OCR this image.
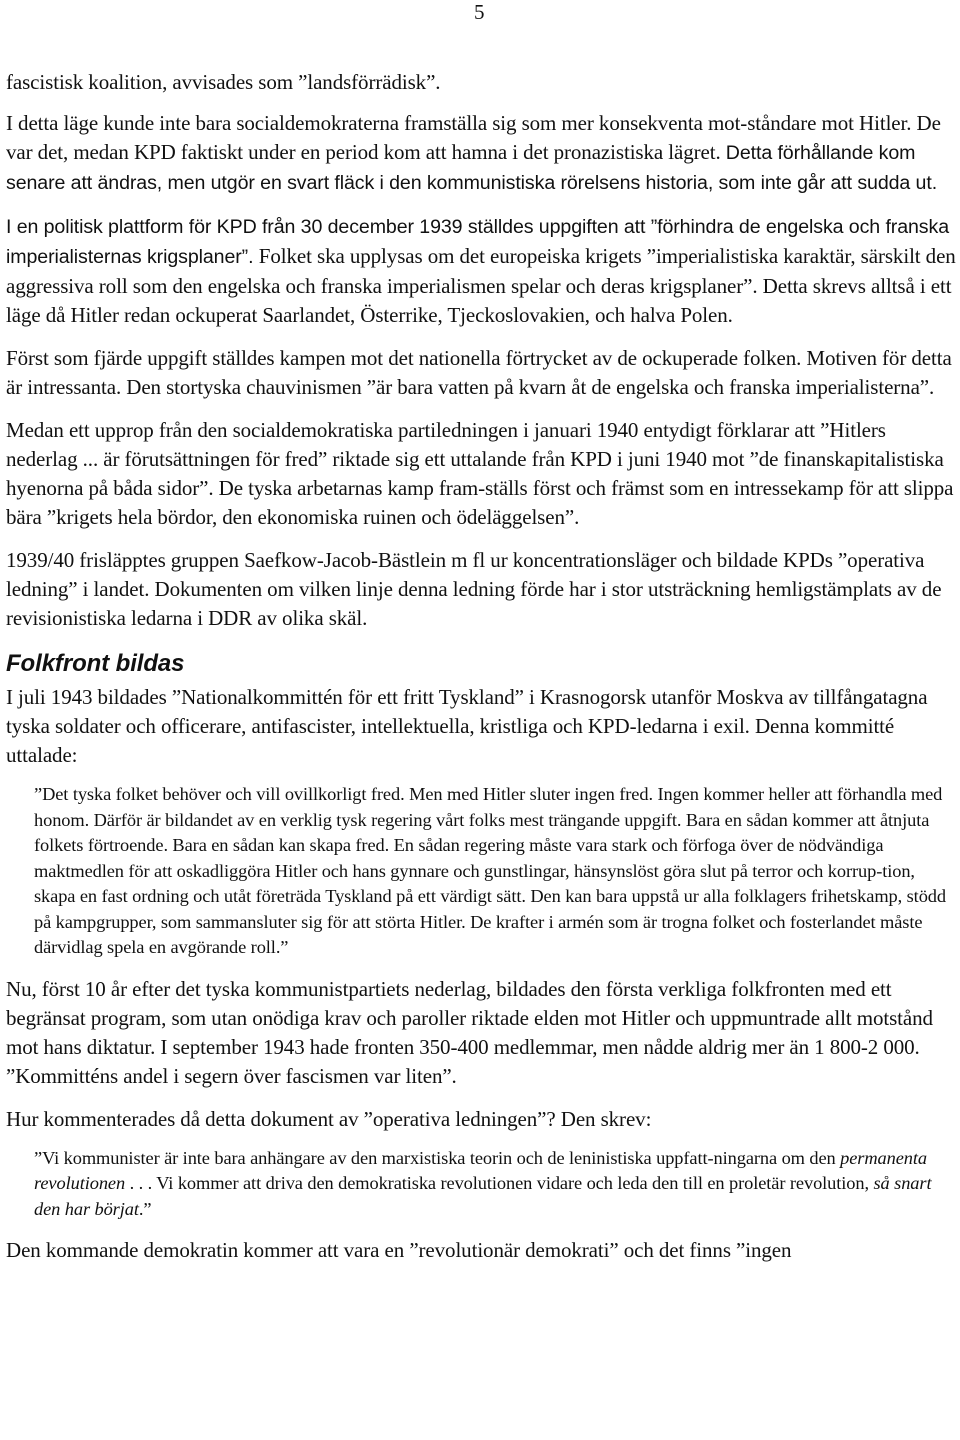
5

fascistisk koalition, avvisades som ”landsförrädisk”.

I detta läge kunde inte bara socialdemokraterna framställa sig som mer konsekventa mot-ståndare mot Hitler. De var det, medan KPD faktiskt under en period kom att hamna i det pronazistiska lägret. Detta förhållande kom senare att ändras, men utgör en svart fläck i den kommunistiska rörelsens historia, som inte går att sudda ut.

I en politisk plattform för KPD från 30 december 1939 ställdes uppgiften att ”förhindra de engelska och franska imperialisternas krigsplaner”. Folket ska upplysas om det europeiska krigets ”imperialistiska karaktär, särskilt den aggressiva roll som den engelska och franska imperialismen spelar och deras krigsplaner”. Detta skrevs alltså i ett läge då Hitler redan ockuperat Saarlandet, Österrike, Tjeckoslovakien, och halva Polen.

Först som fjärde uppgift ställdes kampen mot det nationella förtrycket av de ockuperade folken. Motiven för detta är intressanta. Den stortyska chauvinismen ”är bara vatten på kvarn åt de engelska och franska imperialisterna”.

Medan ett upprop från den socialdemokratiska partiledningen i januari 1940 entydigt förklarar att ”Hitlers nederlag ... är förutsättningen för fred” riktade sig ett uttalande från KPD i juni 1940 mot ”de finanskapitalistiska hyenorna på båda sidor”. De tyska arbetarnas kamp fram-ställs först och främst som en intressekamp för att slippa bära ”krigets hela bördor, den ekonomiska ruinen och ödeläggelsen”.

1939/40 frisläpptes gruppen Saefkow-Jacob-Bästlein m fl ur koncentrationsläger och bildade KPDs ”operativa ledning” i landet. Dokumenten om vilken linje denna ledning förde har i stor utsträckning hemligstämplats av de revisionistiska ledarna i DDR av olika skäl.

Folkfront bildas

I juli 1943 bildades ”Nationalkommittén för ett fritt Tyskland” i Krasnogorsk utanför Moskva av tillfångatagna tyska soldater och officerare, antifascister, intellektuella, kristliga och KPD-ledarna i exil. Denna kommitté uttalade:

”Det tyska folket behöver och vill ovillkorligt fred. Men med Hitler sluter ingen fred. Ingen kommer heller att förhandla med honom. Därför är bildandet av en verklig tysk regering vårt folks mest trängande uppgift. Bara en sådan kommer att åtnjuta folkets förtroende. Bara en sådan kan skapa fred. En sådan regering måste vara stark och förfoga över de nödvändiga maktmedlen för att oskadliggöra Hitler och hans gynnare och gunstlingar, hänsynslöst göra slut på terror och korrup-tion, skapa en fast ordning och utåt företräda Tyskland på ett värdigt sätt. Den kan bara uppstå ur alla folklagers frihetskamp, stödd på kampgrupper, som sammansluter sig för att störta Hitler. De krafter i armén som är trogna folket och fosterlandet måste därvidlag spela en avgörande roll.”

Nu, först 10 år efter det tyska kommunistpartiets nederlag, bildades den första verkliga folkfronten med ett begränsat program, som utan onödiga krav och paroller riktade elden mot Hitler och uppmuntrade allt motstånd mot hans diktatur. I september 1943 hade fronten 350-400 medlemmar, men nådde aldrig mer än 1 800-2 000. ”Kommitténs andel i segern över fascismen var liten”.

Hur kommenterades då detta dokument av ”operativa ledningen”? Den skrev:

”Vi kommunister är inte bara anhängare av den marxistiska teorin och de leninistiska uppfatt-ningarna om den permanenta revolutionen . . . Vi kommer att driva den demokratiska revolutionen vidare och leda den till en proletär revolution, så snart den har börjat.”

Den kommande demokratin kommer att vara en ”revolutionär demokrati” och det finns ”ingen
